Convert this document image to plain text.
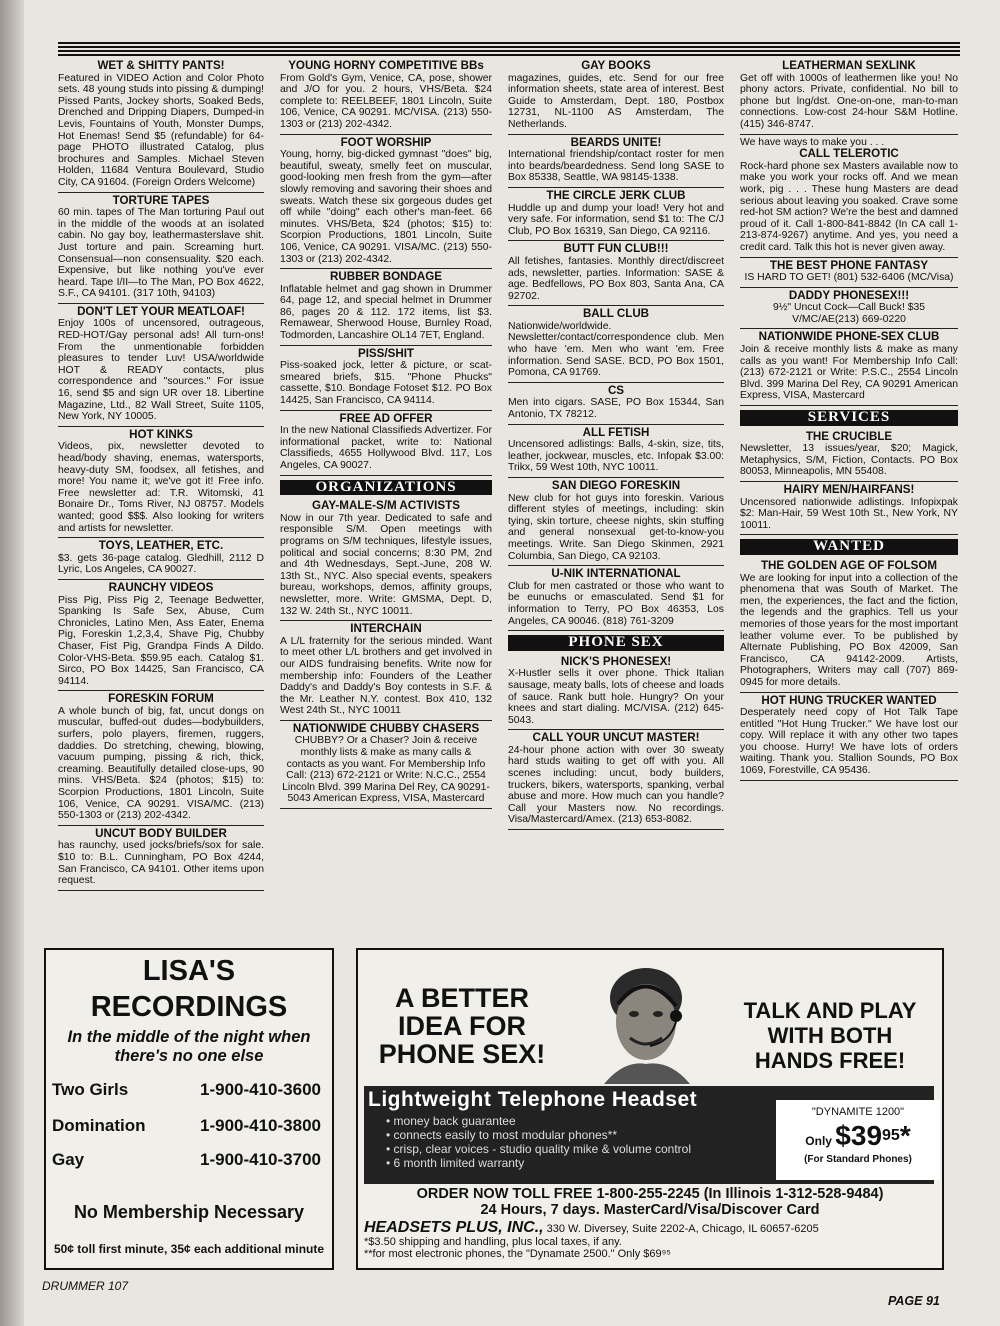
WET & SHITTY PANTS!

Featured in VIDEO Action and Color Photo sets. 48 young studs into pissing & dumping! Pissed Pants, Jockey shorts, Soaked Beds, Drenched and Dripping Diapers, Dumped-in Levis, Fountains of Youth, Monster Dumps, Hot Enemas! Send $5 (refundable) for 64-page PHOTO illustrated Catalog, plus brochures and Samples. Michael Steven Holden, 11684 Ventura Boulevard, Studio City, CA 91604. (Foreign Orders Welcome)

TORTURE TAPES

60 min. tapes of The Man torturing Paul out in the middle of the woods at an isolated cabin. No gay boy, leathermasterslave shit. Just torture and pain. Screaming hurt. Consensual—non consensuality. $20 each. Expensive, but like nothing you've ever heard. Tape I/II—to The Man, PO Box 4622, S.F., CA 94101. (317 10th, 94103)

DON'T LET YOUR MEATLOAF!

Enjoy 100s of uncensored, outrageous, RED-HOT/Gay personal ads! All turn-ons! From the unmentionable forbidden pleasures to tender Luv! USA/worldwide HOT & READY contacts, plus correspondence and "sources." For issue 16, send $5 and sign UR over 18. Libertine Magazine, Ltd., 82 Wall Street, Suite 1105, New York, NY 10005.

HOT KINKS

Videos, pix, newsletter devoted to head/body shaving, enemas, watersports, heavy-duty SM, foodsex, all fetishes, and more! You name it; we've got it! Free info. Free newsletter ad: T.R. Witomski, 41 Bonaire Dr., Toms River, NJ 08757. Models wanted; good $$$. Also looking for writers and artists for newsletter.

TOYS, LEATHER, ETC.

$3. gets 36-page catalog. Gledhill, 2112 D Lyric, Los Angeles, CA 90027.

RAUNCHY VIDEOS

Piss Pig, Piss Pig 2, Teenage Bedwetter, Spanking Is Safe Sex, Abuse, Cum Chronicles, Latino Men, Ass Eater, Enema Pig, Foreskin 1,2,3,4, Shave Pig, Chubby Chaser, Fist Pig, Grandpa Finds A Dildo. Color-VHS-Beta. $59.95 each. Catalog $1. Sirco, PO Box 14425, San Francisco, CA 94114.

FORESKIN FORUM

A whole bunch of big, fat, uncut dongs on muscular, buffed-out dudes—bodybuilders, surfers, polo players, firemen, ruggers, daddies. Do stretching, chewing, blowing, vacuum pumping, pissing & rich, thick, creaming. Beautifully detailed close-ups, 90 mins. VHS/Beta. $24 (photos; $15) to: Scorpion Productions, 1801 Lincoln, Suite 106, Venice, CA 90291. VISA/MC. (213) 550-1303 or (213) 202-4342.

UNCUT BODY BUILDER

has raunchy, used jocks/briefs/sox for sale. $10 to: B.L. Cunningham, PO Box 4244, San Francisco, CA 94101. Other items upon request.

YOUNG HORNY COMPETITIVE BBs

From Gold's Gym, Venice, CA, pose, shower and J/O for you. 2 hours, VHS/Beta. $24 complete to: REELBEEF, 1801 Lincoln, Suite 106, Venice, CA 90291. MC/VISA. (213) 550-1303 or (213) 202-4342.

FOOT WORSHIP

Young, horny, big-dicked gymnast "does" big, beautiful, sweaty, smelly feet on muscular, good-looking men fresh from the gym—after slowly removing and savoring their shoes and sweats. Watch these six gorgeous dudes get off while "doing" each other's man-feet. 66 minutes. VHS/Beta, $24 (photos; $15) to: Scorpion Productions, 1801 Lincoln, Suite 106, Venice, CA 90291. VISA/MC. (213) 550-1303 or (213) 202-4342.

RUBBER BONDAGE

Inflatable helmet and gag shown in Drummer 64, page 12, and special helmet in Drummer 86, pages 20 & 112. 172 items, list $3. Remawear, Sherwood House, Burnley Road, Todmorden, Lancashire OL14 7ET, England.

PISS/SHIT

Piss-soaked jock, letter & picture, or scat-smeared briefs, $15. "Phone Phucks" cassette, $10. Bondage Fotoset $12. PO Box 14425, San Francisco, CA 94114.

FREE AD OFFER

In the new National Classifieds Advertizer. For informational packet, write to: National Classifieds, 4655 Hollywood Blvd. 117, Los Angeles, CA 90027.

ORGANIZATIONS
GAY-MALE-S/M ACTIVISTS

Now in our 7th year. Dedicated to safe and responsible S/M. Open meetings with programs on S/M techniques, lifestyle issues, political and social concerns; 8:30 PM, 2nd and 4th Wednesdays, Sept.-June, 208 W. 13th St., NYC. Also special events, speakers bureau, workshops, demos, affinity groups, newsletter, more. Write: GMSMA, Dept. D, 132 W. 24th St., NYC 10011.

INTERCHAIN

A L/L fraternity for the serious minded. Want to meet other L/L brothers and get involved in our AIDS fundraising benefits. Write now for membership info: Founders of the Leather Daddy's and Daddy's Boy contests in S.F. & the Mr. Leather N.Y. contest. Box 410, 132 West 24th St., NYC 10011

NATIONWIDE CHUBBY CHASERS

CHUBBY? Or a Chaser? Join & receive monthly lists & make as many calls & contacts as you want. For Membership Info Call: (213) 672-2121 or Write: N.C.C., 2554 Lincoln Blvd. 399 Marina Del Rey, CA 90291-5043 American Express, VISA, Mastercard

GAY BOOKS

magazines, guides, etc. Send for our free information sheets, state area of interest. Best Guide to Amsterdam, Dept. 180, Postbox 12731, NL-1100 AS Amsterdam, The Netherlands.

BEARDS UNITE!

International friendship/contact roster for men into beards/beardedness. Send long SASE to Box 85338, Seattle, WA 98145-1338.

THE CIRCLE JERK CLUB

Huddle up and dump your load! Very hot and very safe. For information, send $1 to: The C/J Club, PO Box 16319, San Diego, CA 92116.

BUTT FUN CLUB!!!

All fetishes, fantasies. Monthly direct/discreet ads, newsletter, parties. Information: SASE & age. Bedfellows, PO Box 803, Santa Ana, CA 92702.

BALL CLUB

Nationwide/worldwide. Newsletter/contact/correspondence club. Men who have 'em. Men who want 'em. Free information. Send SASE. BCD, PO Box 1501, Pomona, CA 91769.

CS

Men into cigars. SASE, PO Box 15344, San Antonio, TX 78212.

ALL FETISH

Uncensored adlistings: Balls, 4-skin, size, tits, leather, jockwear, muscles, etc. Infopak $3.00: Trikx, 59 West 10th, NYC 10011.

SAN DIEGO FORESKIN

New club for hot guys into foreskin. Various different styles of meetings, including: skin tying, skin torture, cheese nights, skin stuffing and general nonsexual get-to-know-you meetings. Write. San Diego Skinmen, 2921 Columbia, San Diego, CA 92103.

U-NIK INTERNATIONAL

Club for men castrated or those who want to be eunuchs or emasculated. Send $1 for information to Terry, PO Box 46353, Los Angeles, CA 90046. (818) 761-3209

PHONE SEX
NICK'S PHONESEX!

X-Hustler sells it over phone. Thick Italian sausage, meaty balls, lots of cheese and loads of sauce. Rank butt hole. Hungry? On your knees and start dialing. MC/VISA. (212) 645-5043.

CALL YOUR UNCUT MASTER!

24-hour phone action with over 30 sweaty hard studs waiting to get off with you. All scenes including: uncut, body builders, truckers, bikers, watersports, spanking, verbal abuse and more. How much can you handle? Call your Masters now. No recordings. Visa/Mastercard/Amex. (213) 653-8082.

LEATHERMAN SEXLINK

Get off with 1000s of leathermen like you! No phony actors. Private, confidential. No bill to phone but lng/dst. One-on-one, man-to-man connections. Low-cost 24-hour S&M Hotline. (415) 346-8747.

We have ways to make you . . .

CALL TELEROTIC

Rock-hard phone sex Masters available now to make you work your rocks off. And we mean work, pig . . . These hung Masters are dead serious about leaving you soaked. Crave some red-hot SM action? We're the best and damned proud of it. Call 1-800-841-8842 (In CA call 1-213-874-9267) anytime. And yes, you need a credit card. Talk this hot is never given away.

THE BEST PHONE FANTASY

IS HARD TO GET! (801) 532-6406 (MC/Visa)

DADDY PHONESEX!!!

9½" Uncut Cock—Call Buck! $35 V/MC/AE(213) 669-0220

NATIONWIDE PHONE-SEX CLUB

Join & receive monthly lists & make as many calls as you want! For Membership Info Call: (213) 672-2121 or Write: P.S.C., 2554 Lincoln Blvd. 399 Marina Del Rey, CA 90291 American Express, VISA, Mastercard

SERVICES
THE CRUCIBLE

Newsletter, 13 issues/year, $20; Magick, Metaphysics, S/M, Fiction, Contacts. PO Box 80053, Minneapolis, MN 55408.

HAIRY MEN/HAIRFANS!

Uncensored nationwide adlistings. Infopixpak $2: Man-Hair, 59 West 10th St., New York, NY 10011.

WANTED
THE GOLDEN AGE OF FOLSOM

We are looking for input into a collection of the phenomena that was South of Market. The men, the experiences, the fact and the fiction, the legends and the graphics. Tell us your memories of those years for the most important leather volume ever. To be published by Alternate Publishing, PO Box 42009, San Francisco, CA 94142-2009. Artists, Photographers, Writers may call (707) 869-0945 for more details.

HOT HUNG TRUCKER WANTED

Desperately need copy of Hot Talk Tape entitled "Hot Hung Trucker." We have lost our copy. Will replace it with any other two tapes you choose. Hurry! We have lots of orders waiting. Thank you. Stallion Sounds, PO Box 1069, Forestville, CA 95436.

LISA'S
RECORDINGS
In the middle of the night when
there's no one else
Two Girls	1-900-410-3600
Domination	1-900-410-3800
Gay	1-900-410-3700
No Membership Necessary
50¢ toll first minute, 35¢ each additional minute
A BETTER
IDEA FOR
PHONE SEX!
TALK AND PLAY
WITH BOTH
HANDS FREE!
Lightweight Telephone Headset
• money back guarantee
• connects easily to most modular phones**
• crisp, clear voices - studio quality mike & volume control
• 6 month limited warranty
"DYNAMITE 1200"
Only $\$39^{95}*$
(For Standard Phones)
ORDER NOW TOLL FREE 1-800-255-2245 (In Illinois 1-312-528-9484)
24 Hours, 7 days. MasterCard/Visa/Discover Card
HEADSETS PLUS, INC., 330 W. Diversey, Suite 2202-A, Chicago, IL 60657-6205
*$3.50 shipping and handling, plus local taxes, if any.
**for most electronic phones, the "Dynamate 2500." Only $69⁹⁵
DRUMMER 107
PAGE 91
